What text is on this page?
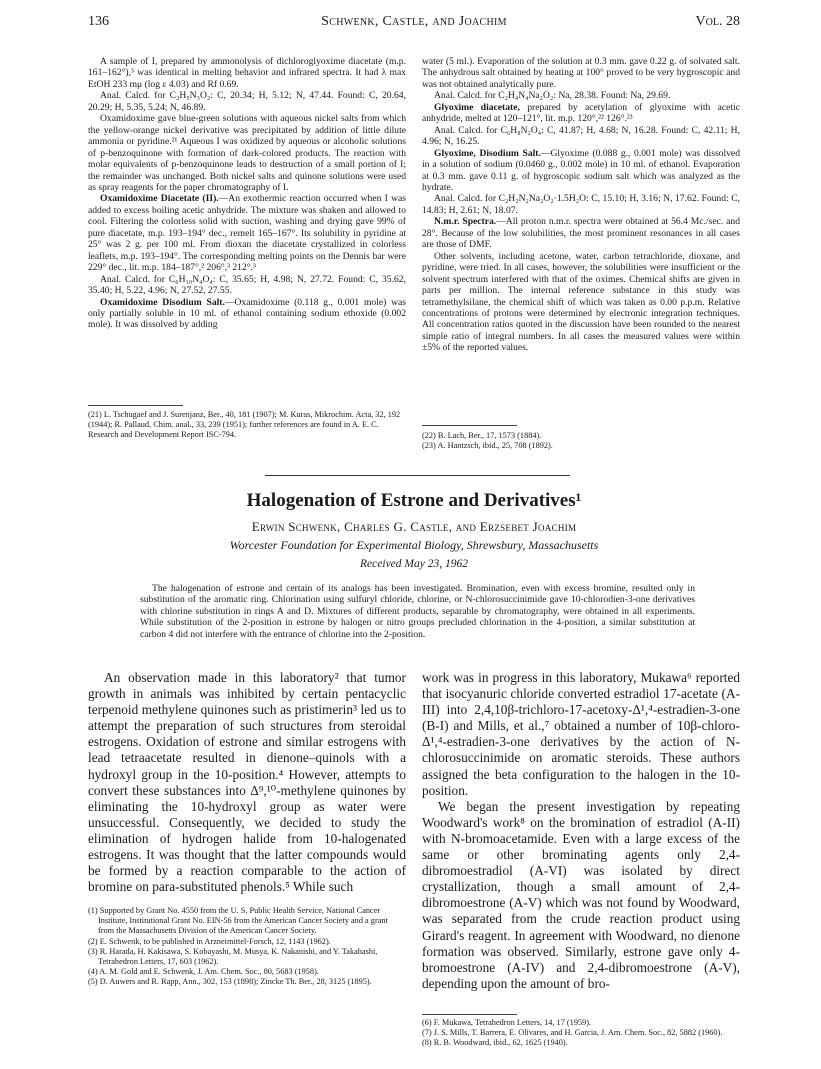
136	Schwenk, Castle, and Joachim	Vol. 28

A sample of I, prepared by ammonolysis of dichloroglyoxime diacetate (m.p. 161–162°),³ was identical in melting behavior and infrared spectra. It had λ max EtOH 233 mμ (log ε 4.03) and Rf 0.69.

Anal. Calcd. for C₂H₅N₃O₂: C, 20.34; H, 5.12; N, 47.44. Found: C, 20.64, 20.29; H, 5.35, 5.24; N, 46.89.

Oxamidoxime gave blue-green solutions with aqueous nickel salts from which the yellow-orange nickel derivative was precipitated by addition of little dilute ammonia or pyridine.²¹ Aqueous I was oxidized by aqueous or alcoholic solutions of p-benzoquinone with formation of dark-colored products. The reaction with molar equivalents of p-benzoquinone leads to destruction of a small portion of I; the remainder was unchanged. Both nickel salts and quinone solutions were used as spray reagents for the paper chromatography of I.

Oxamidoxime Diacetate (II).—An exothermic reaction occurred when I was added to excess boiling acetic anhydride. The mixture was shaken and allowed to cool. Filtering the colorless solid with suction, washing and drying gave 99% of pure diacetate, m.p. 193–194° dec., remelt 165–167°. Its solubility in pyridine at 25° was 2 g. per 100 ml. From dioxan the diacetate crystallized in colorless leaflets, m.p. 193–194°. The corresponding melting points on the Dennis bar were 229° dec., lit. m.p. 184–187°,² 206°,³ 212°.³

Anal. Calcd. for C₆H₁₀N₄O₄: C, 35.65; H, 4.98; N, 27.72. Found: C, 35.62, 35.40; H, 5.22, 4.96; N, 27.52, 27.55.

Oxamidoxime Disodium Salt.—Oxamidoxime (0.118 g., 0.001 mole) was only partially soluble in 10 ml. of ethanol containing sodium ethoxide (0.002 mole). It was dissolved by adding

(21) L. Tschugaef and J. Surenjanz, Ber., 40, 181 (1907); M. Kuras, Mikrochim. Acta, 32, 192 (1944); R. Pallaud, Chim. anal., 33, 239 (1951); further references are found in A. E. C. Research and Development Report ISC-794.

water (5 ml.). Evaporation of the solution at 0.3 mm. gave 0.22 g. of solvated salt. The anhydrous salt obtained by heating at 100° proved to be very hygroscopic and was not obtained analytically pure.

Anal. Calcd. for C₂H₄N₄Na₂O₂: Na, 28.38. Found: Na, 29.69.

Glyoxime diacetate, prepared by acetylation of glyoxime with acetic anhydride, melted at 120–121°, lit. m.p. 120°,²² 126°.²³

Anal. Calcd. for C₆H₈N₂O₄: C, 41.87; H, 4.68; N, 16.28. Found: C, 42.11; H, 4.96; N, 16.25.

Glyoxime, Disodium Salt.—Glyoxime (0.088 g., 0.001 mole) was dissolved in a solution of sodium (0.0460 g., 0.002 mole) in 10 ml. of ethanol. Evaporation at 0.3 mm. gave 0.11 g. of hygroscopic sodium salt which was analyzed as the hydrate.

Anal. Calcd. for C₂H₂N₂Na₂O₂·1.5H₂O: C, 15.10; H, 3.16; N, 17.62. Found: C, 14.83; H, 2.61; N, 18.07.

N.m.r. Spectra.—All proton n.m.r. spectra were obtained at 56.4 Mc./sec. and 28°. Because of the low solubilities, the most prominent resonances in all cases are those of DMF.

Other solvents, including acetone, water, carbon tetrachloride, dioxane, and pyridine, were tried. In all cases, however, the solubilities were insufficient or the solvent spectrum interfered with that of the oximes. Chemical shifts are given in parts per million. The internal reference substance in this study was tetramethylsilane, the chemical shift of which was taken as 0.00 p.p.m. Relative concentrations of protons were determined by electronic integration techniques. All concentration ratios quoted in the discussion have been rounded to the nearest simple ratio of integral numbers. In all cases the measured values were within ±5% of the reported values.

(22) B. Lach, Ber., 17, 1573 (1884).
(23) A. Hantzsch, ibid., 25, 708 (1892).
Halogenation of Estrone and Derivatives¹
Erwin Schwenk, Charles G. Castle, and Erzsebet Joachim
Worcester Foundation for Experimental Biology, Shrewsbury, Massachusetts
Received May 23, 1962
The halogenation of estrone and certain of its analogs has been investigated. Bromination, even with excess bromine, resulted only in substitution of the aromatic ring. Chlorination using sulfuryl chloride, chlorine, or N-chlorosuccinimide gave 10-chlorodien-3-one derivatives with chlorine substitution in rings A and D. Mixtures of different products, separable by chromatography, were obtained in all experiments. While substitution of the 2-position in estrone by halogen or nitro groups precluded chlorination in the 4-position, a similar substitution at carbon 4 did not interfere with the entrance of chlorine into the 2-position.

An observation made in this laboratory² that tumor growth in animals was inhibited by certain pentacyclic terpenoid methylene quinones such as pristimerin³ led us to attempt the preparation of such structures from steroidal estrogens. Oxidation of estrone and similar estrogens with lead tetraacetate resulted in dienone–quinols with a hydroxyl group in the 10-position.⁴ However, attempts to convert these substances into Δ⁹,¹⁰-methylene quinones by eliminating the 10-hydroxyl group as water were unsuccessful. Consequently, we decided to study the elimination of hydrogen halide from 10-halogenated estrogens. It was thought that the latter compounds would be formed by a reaction comparable to the action of bromine on para-substituted phenols.⁵ While such

(1) Supported by Grant No. 4550 from the U. S. Public Health Service, National Cancer Institute, Institutional Grant No. EIN-56 from the American Cancer Society and a grant from the Massachusetts Division of the American Cancer Society.
(2) E. Schwenk, to be published in Arzneimittel-Forsch, 12, 1143 (1962).
(3) R. Harada, H. Kakisawa, S. Kobayashi, M. Musya, K. Nakanishi, and Y. Takahashi, Tetrahedron Letters, 17, 603 (1962).
(4) A. M. Gold and E. Schwenk, J. Am. Chem. Soc., 80, 5683 (1958).
(5) D. Auwers and R. Rapp, Ann., 302, 153 (1898); Zincke Th. Ber., 28, 3125 (1895).

work was in progress in this laboratory, Mukawa⁶ reported that isocyanuric chloride converted estradiol 17-acetate (A-III) into 2,4,10β-trichloro-17-acetoxy-Δ¹,⁴-estradien-3-one (B-I) and Mills, et al.,⁷ obtained a number of 10β-chloro-Δ¹,⁴-estradien-3-one derivatives by the action of N-chlorosuccinimide on aromatic steroids. These authors assigned the beta configuration to the halogen in the 10-position.

We began the present investigation by repeating Woodward's work⁸ on the bromination of estradiol (A-II) with N-bromoacetamide. Even with a large excess of the same or other brominating agents only 2,4-dibromoestradiol (A-VI) was isolated by direct crystallization, though a small amount of 2,4-dibromoestrone (A-V) which was not found by Woodward, was separated from the crude reaction product using Girard's reagent. In agreement with Woodward, no dienone formation was observed. Similarly, estrone gave only 4-bromoestrone (A-IV) and 2,4-dibromoestrone (A-V), depending upon the amount of bro-

(6) F. Mukawa, Tetrahedron Letters, 14, 17 (1959).
(7) J. S. Mills, T. Barrera, E. Olivares, and H. Garcia, J. Am. Chem. Soc., 82, 5882 (1960).
(8) R. B. Woodward, ibid., 62, 1625 (1940).
